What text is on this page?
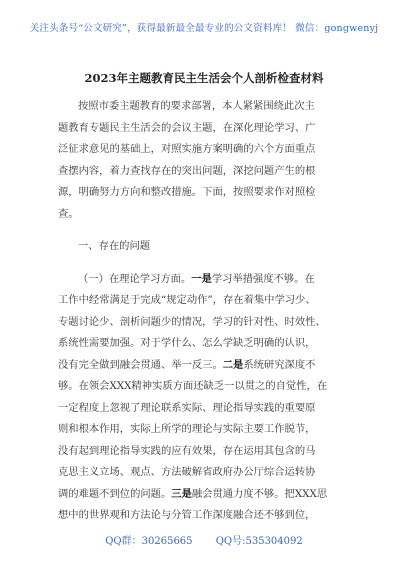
关注头条号“公文研究”，获得最新最全最专业的公文资料库！ 微信：gongwenyj
2023年主题教育民主生活会个人剖析检查材料

按照市委主题教育的要求部署，本人紧紧围绕此次主
题教育专题民主生活会的会议主题，在深化理论学习、广
泛征求意见的基础上，对照实施方案明确的六个方面重点
查摆内容，着力查找存在的突出问题，深挖问题产生的根
源，明确努力方向和整改措施。下面，按照要求作对照检
查。

一、存在的问题

（一）在理论学习方面。一是学习举措强度不够。在
工作中经常满足于完成“规定动作”，存在着集中学习少、
专题讨论少、剖析问题少的情况，学习的针对性、时效性、
系统性需要加强。对于学什么、怎么学缺乏明确的认识，
没有完全做到融会贯通、举一反三。二是系统研究深度不
够。在领会XXX精神实质方面还缺乏一以贯之的自觉性，在
一定程度上忽视了理论联系实际、理论指导实践的重要原
则和根本作用，实际上所学的理论与实际主要工作脱节，
没有起到理论指导实践的应有效果，存在运用其包含的马
克思主义立场、观点、方法破解省政府办公厅综合运转协
调的难题不到位的问题。三是融会贯通力度不够。把XXX思
想中的世界观和方法论与分管工作深度融合还不够到位，

QQ群：30265665 QQ号:535304092
